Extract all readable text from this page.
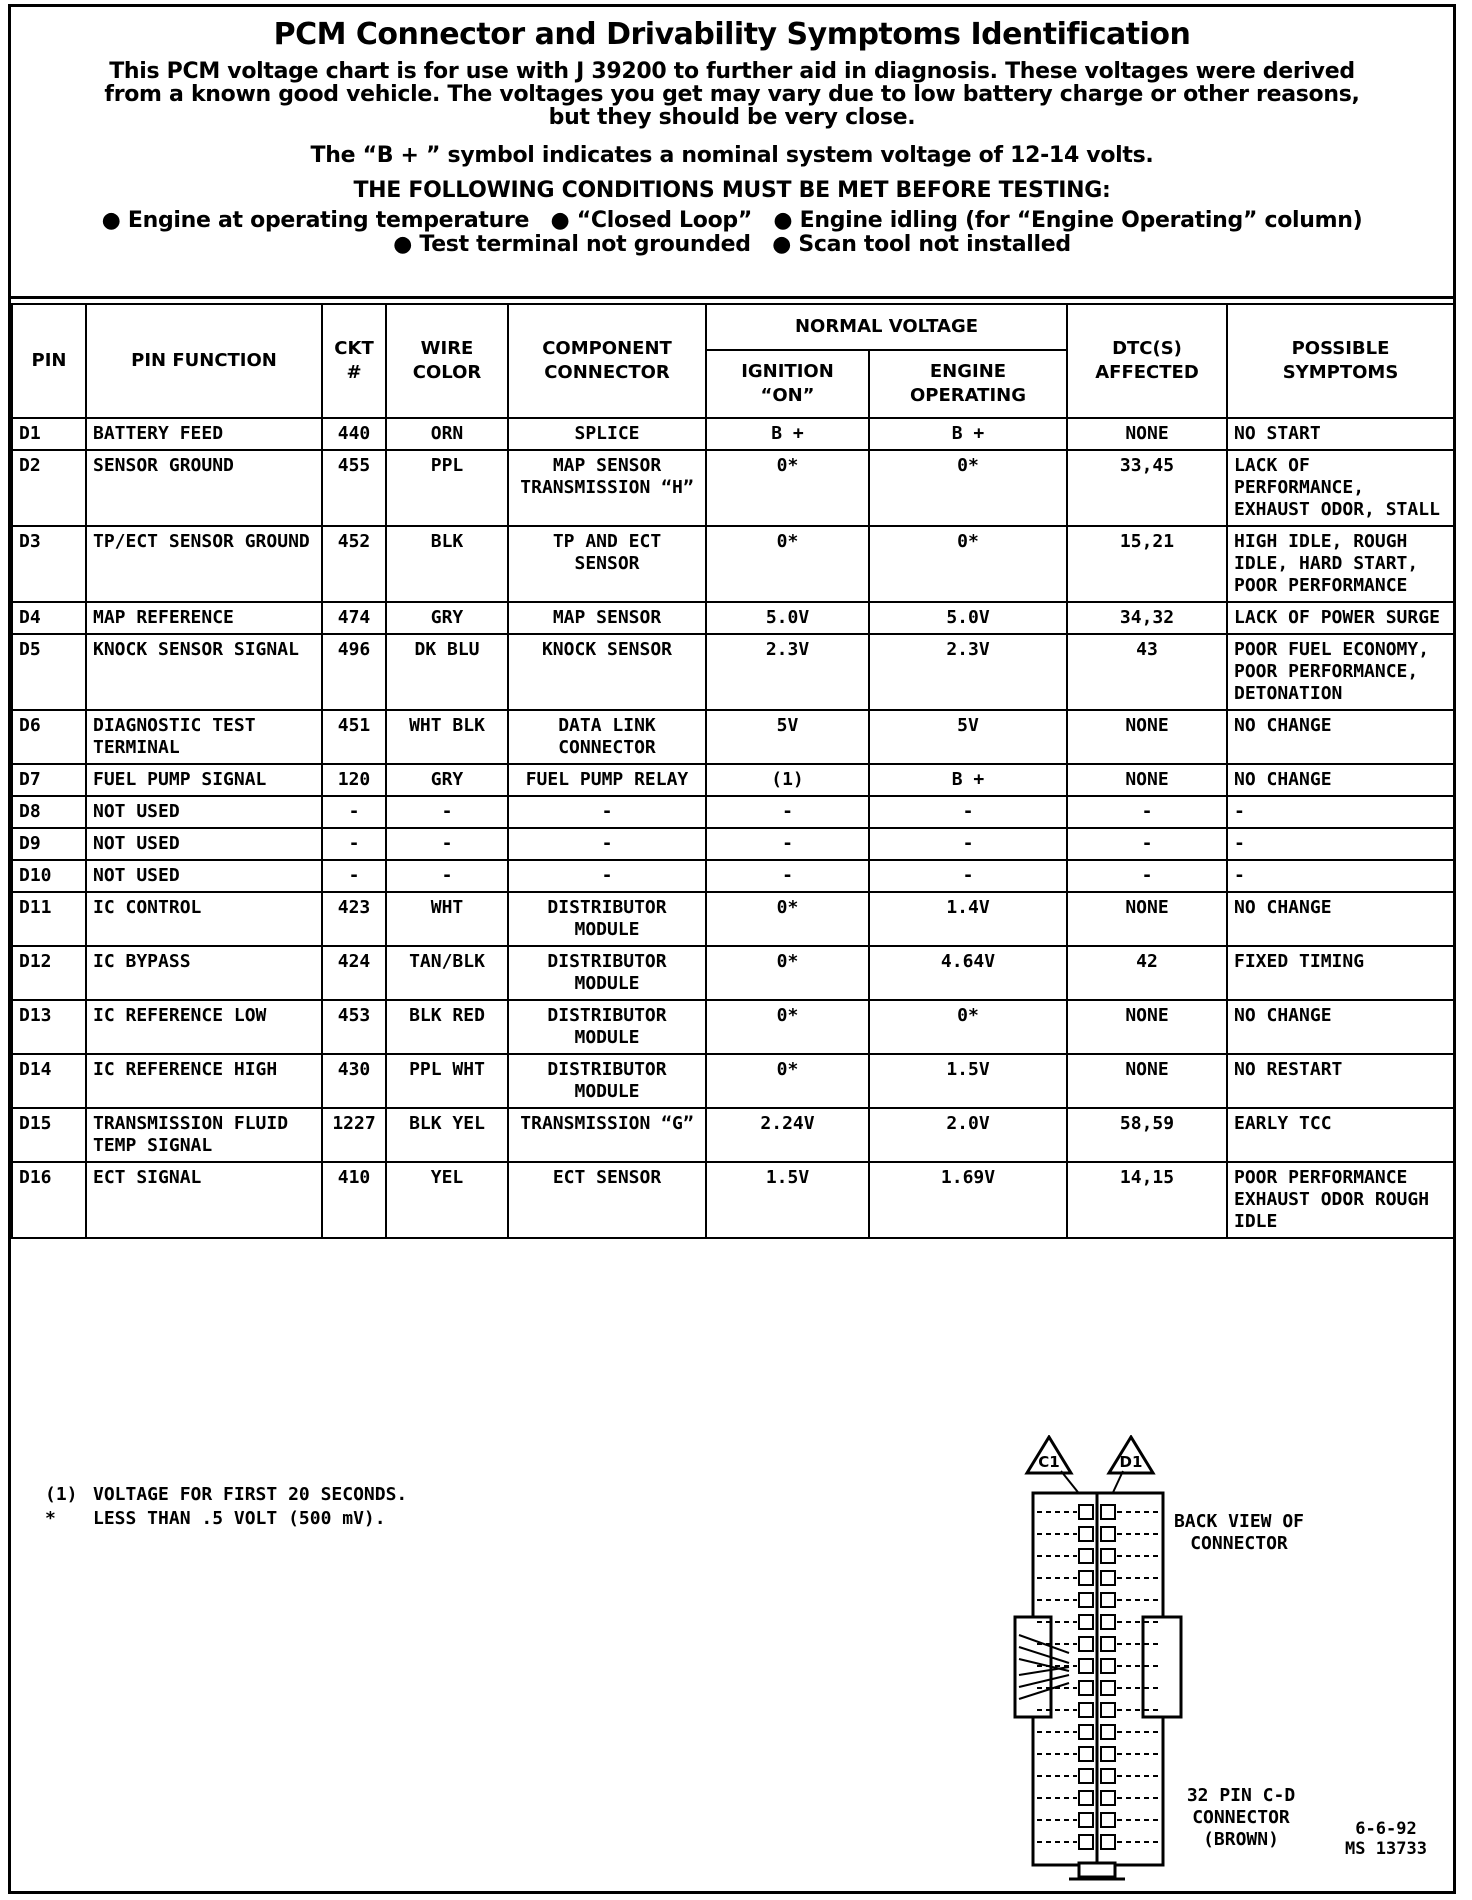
PCM Connector and Drivability Symptoms Identification
This PCM voltage chart is for use with J 39200 to further aid in diagnosis. These voltages were derived
from a known good vehicle. The voltages you get may vary due to low battery charge or other reasons,
but they should be very close.
The “B + ” symbol indicates a nominal system voltage of 12-14 volts.
THE FOLLOWING CONDITIONS MUST BE MET BEFORE TESTING:
● Engine at operating temperature ● “Closed Loop” ● Engine idling (for “Engine Operating” column)
● Test terminal not grounded ● Scan tool not installed
PIN	PIN FUNCTION	CKT #	WIRE COLOR	COMPONENT CONNECTOR	NORMAL VOLTAGE		DTC(S) AFFECTED	POSSIBLE SYMPTOMS
					IGNITION “ON”	ENGINE OPERATING		
D1	BATTERY FEED	440	ORN	SPLICE	B +	B +	NONE	NO START
D2	SENSOR GROUND	455	PPL	MAP SENSOR TRANSMISSION “H”	0*	0*	33,45	LACK OF PERFORMANCE, EXHAUST ODOR, STALL
D3	TP/ECT SENSOR GROUND	452	BLK	TP AND ECT SENSOR	0*	0*	15,21	HIGH IDLE, ROUGH IDLE, HARD START, POOR PERFORMANCE
D4	MAP REFERENCE	474	GRY	MAP SENSOR	5.0V	5.0V	34,32	LACK OF POWER SURGE
D5	KNOCK SENSOR SIGNAL	496	DK BLU	KNOCK SENSOR	2.3V	2.3V	43	POOR FUEL ECONOMY, POOR PERFORMANCE, DETONATION
D6	DIAGNOSTIC TEST TERMINAL	451	WHT BLK	DATA LINK CONNECTOR	5V	5V	NONE	NO CHANGE
D7	FUEL PUMP SIGNAL	120	GRY	FUEL PUMP RELAY	(1)	B +	NONE	NO CHANGE
D8	NOT USED	-	-	-	-	-	-	-
D9	NOT USED	-	-	-	-	-	-	-
D10	NOT USED	-	-	-	-	-	-	-
D11	IC CONTROL	423	WHT	DISTRIBUTOR MODULE	0*	1.4V	NONE	NO CHANGE
D12	IC BYPASS	424	TAN/BLK	DISTRIBUTOR MODULE	0*	4.64V	42	FIXED TIMING
D13	IC REFERENCE LOW	453	BLK RED	DISTRIBUTOR MODULE	0*	0*	NONE	NO CHANGE
D14	IC REFERENCE HIGH	430	PPL WHT	DISTRIBUTOR MODULE	0*	1.5V	NONE	NO RESTART
D15	TRANSMISSION FLUID TEMP SIGNAL	1227	BLK YEL	TRANSMISSION “G”	2.24V	2.0V	58,59	EARLY TCC
D16	ECT SIGNAL	410	YEL	ECT SENSOR	1.5V	1.69V	14,15	POOR PERFORMANCE EXHAUST ODOR ROUGH IDLE
(1) VOLTAGE FOR FIRST 20 SECONDS.
* LESS THAN .5 VOLT (500 mV).
C1	D1
BACK VIEW OF CONNECTOR
32 PIN C-D CONNECTOR
(BROWN)	6-6-92
MS 13733
